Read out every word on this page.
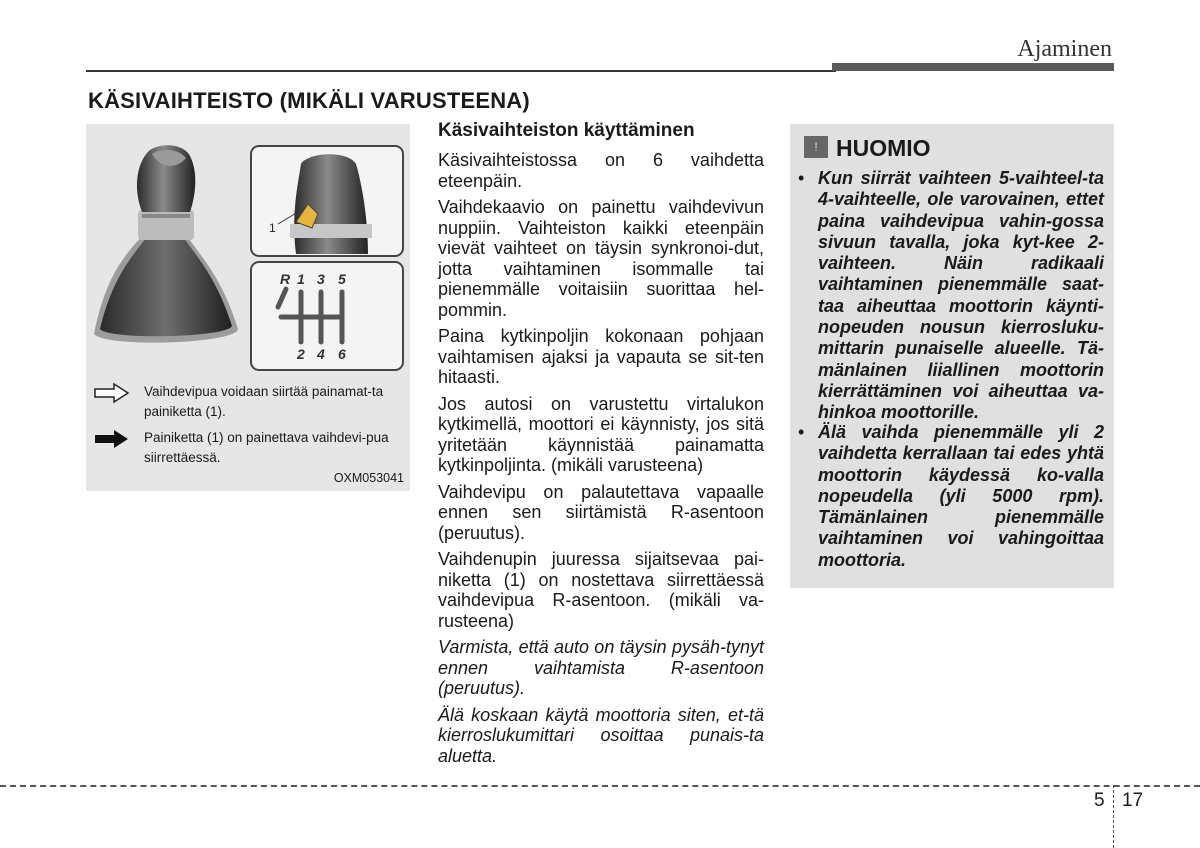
Ajaminen
KÄSIVAIHTEISTO (MIKÄLI VARUSTEENA)
1
R 1 3 5
2 4 6
Vaihdevipua voidaan siirtää painamat-ta painiketta (1).
Painiketta (1) on painettava vaihdevi-pua siirrettäessä.
OXM053041
Käsivaihteiston käyttäminen

Käsivaihteistossa on 6 vaihdetta eteenpäin.

Vaihdekaavio on painettu vaihdevivun nuppiin. Vaihteiston kaikki eteenpäin vievät vaihteet on täysin synkronoi-dut, jotta vaihtaminen isommalle tai pienemmälle voitaisiin suorittaa hel-pommin.

Paina kytkinpoljin kokonaan pohjaan vaihtamisen ajaksi ja vapauta se sit-ten hitaasti.

Jos autosi on varustettu virtalukon kytkimellä, moottori ei käynnisty, jos sitä yritetään käynnistää painamatta kytkinpoljinta. (mikäli varusteena)

Vaihdevipu on palautettava vapaalle ennen sen siirtämistä R-asentoon (peruutus).

Vaihdenupin juuressa sijaitsevaa pai-niketta (1) on nostettava siirrettäessä vaihdevipua R-asentoon. (mikäli va-rusteena)

Varmista, että auto on täysin pysäh-tynyt ennen vaihtamista R-asentoon (peruutus).

Älä koskaan käytä moottoria siten, et-tä kierroslukumittari osoittaa punais-ta aluetta.

! HUOMIO
• Kun siirrät vaihteen 5-vaihteel-ta 4-vaihteelle, ole varovainen, ettet paina vaihdevipua vahin-gossa sivuun tavalla, joka kyt-kee 2-vaihteen. Näin radikaali vaihtaminen pienemmälle saat-taa aiheuttaa moottorin käynti-nopeuden nousun kierrosluku-mittarin punaiselle alueelle. Tä-mänlainen liiallinen moottorin kierrättäminen voi aiheuttaa va-hinkoa moottorille.
• Älä vaihda pienemmälle yli 2 vaihdetta kerrallaan tai edes yhtä moottorin käydessä ko-valla nopeudella (yli 5000 rpm). Tämänlainen pienemmälle vaihtaminen voi vahingoittaa moottoria.
5 17
